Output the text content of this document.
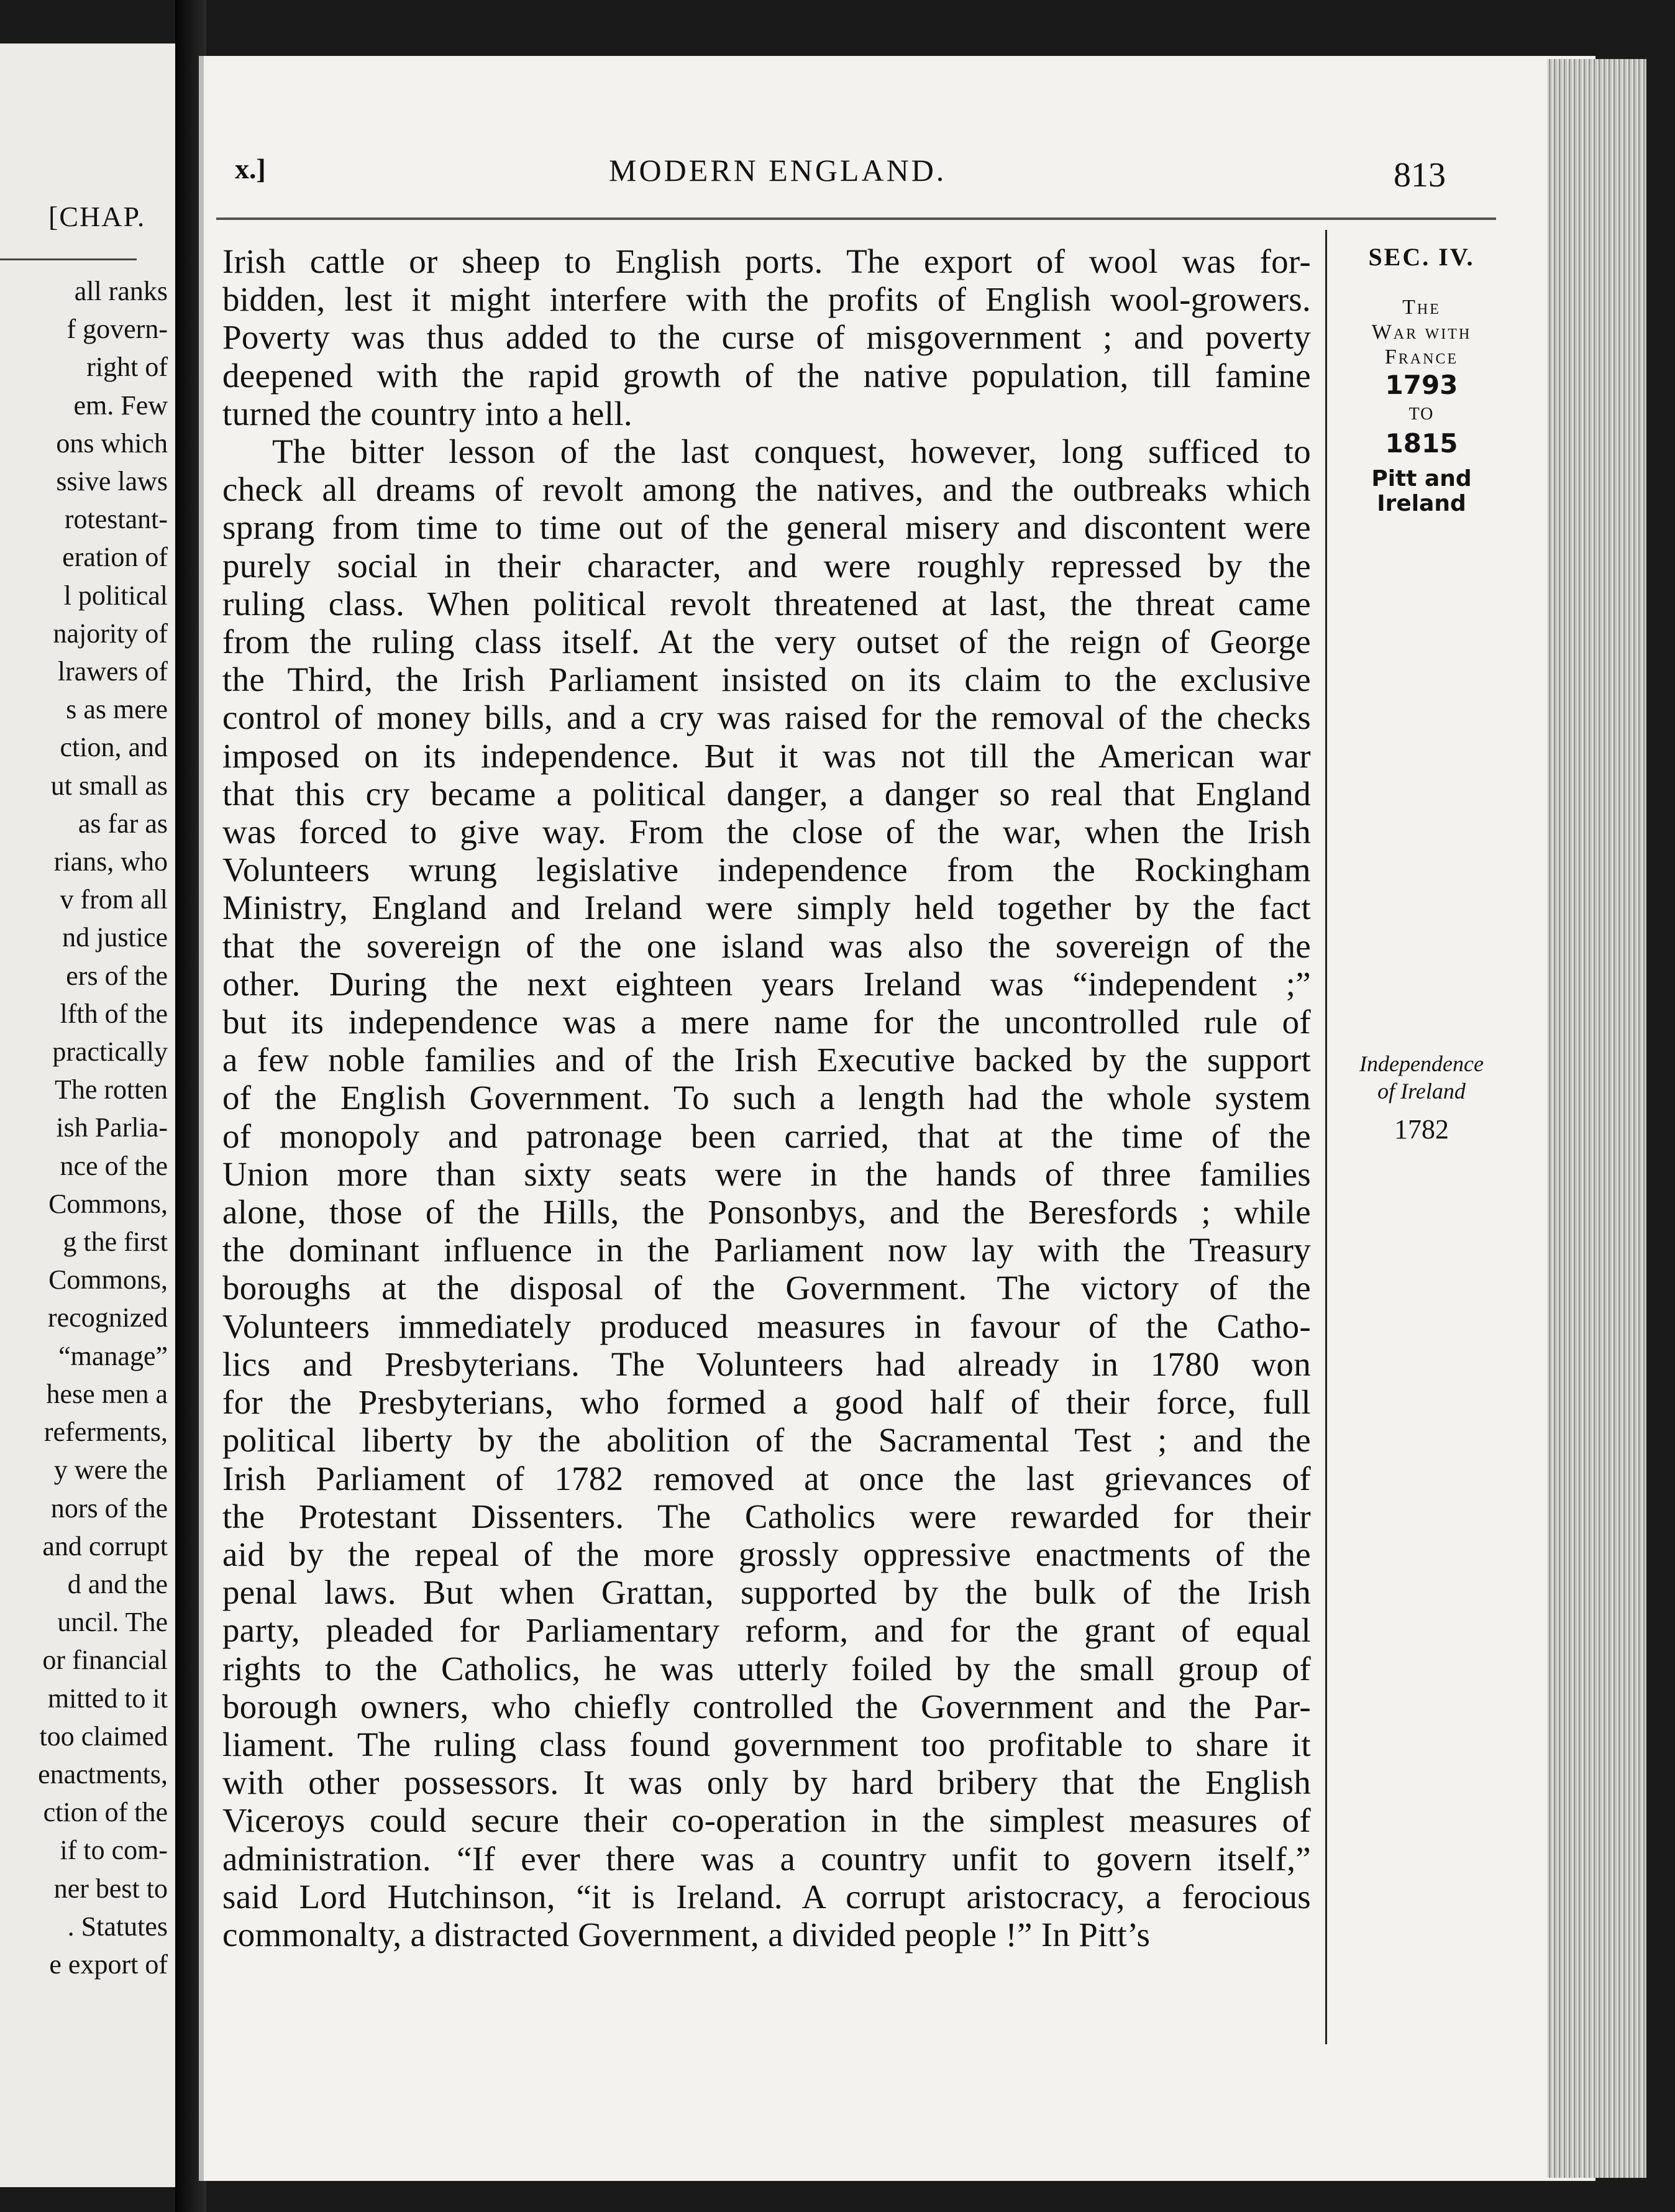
[CHAP.
all ranks
f govern-
right of
em. Few
ons which
ssive laws
rotestant-
eration of
l political
najority of
lrawers of
s as mere
ction, and
ut small as
as far as
rians, who
v from all
nd justice
ers of the
lfth of the
practically
The rotten
ish Parlia-
nce of the
Commons,
g the first
Commons,
recognized
“manage”
hese men a
referments,
y were the
nors of the
and corrupt
d and the
uncil. The
or financial
mitted to it
too claimed
enactments,
ction of the
if to com-
ner best to
. Statutes
e export of
x.]	MODERN ENGLAND.	813
Irish cattle or sheep to English ports. The export of wool was for-
bidden, lest it might interfere with the profits of English wool-growers.
Poverty was thus added to the curse of misgovernment ; and poverty
deepened with the rapid growth of the native population, till famine
turned the country into a hell.
The bitter lesson of the last conquest, however, long sufficed to
check all dreams of revolt among the natives, and the outbreaks which
sprang from time to time out of the general misery and discontent were
purely social in their character, and were roughly repressed by the
ruling class. When political revolt threatened at last, the threat came
from the ruling class itself. At the very outset of the reign of George
the Third, the Irish Parliament insisted on its claim to the exclusive
control of money bills, and a cry was raised for the removal of the checks
imposed on its independence. But it was not till the American war
that this cry became a political danger, a danger so real that England
was forced to give way. From the close of the war, when the Irish
Volunteers wrung legislative independence from the Rockingham
Ministry, England and Ireland were simply held together by the fact
that the sovereign of the one island was also the sovereign of the
other. During the next eighteen years Ireland was “independent ;”
but its independence was a mere name for the uncontrolled rule of
a few noble families and of the Irish Executive backed by the support
of the English Government. To such a length had the whole system
of monopoly and patronage been carried, that at the time of the
Union more than sixty seats were in the hands of three families
alone, those of the Hills, the Ponsonbys, and the Beresfords ; while
the dominant influence in the Parliament now lay with the Treasury
boroughs at the disposal of the Government. The victory of the
Volunteers immediately produced measures in favour of the Catho-
lics and Presbyterians. The Volunteers had already in 1780 won
for the Presbyterians, who formed a good half of their force, full
political liberty by the abolition of the Sacramental Test ; and the
Irish Parliament of 1782 removed at once the last grievances of
the Protestant Dissenters. The Catholics were rewarded for their
aid by the repeal of the more grossly oppressive enactments of the
penal laws. But when Grattan, supported by the bulk of the Irish
party, pleaded for Parliamentary reform, and for the grant of equal
rights to the Catholics, he was utterly foiled by the small group of
borough owners, who chiefly controlled the Government and the Par-
liament. The ruling class found government too profitable to share it
with other possessors. It was only by hard bribery that the English
Viceroys could secure their co-operation in the simplest measures of
administration. “If ever there was a country unfit to govern itself,”
said Lord Hutchinson, “it is Ireland. A corrupt aristocracy, a ferocious
commonalty, a distracted Government, a divided people !” In Pitt’s
SEC. IV.
The
War with
France
1793
TO
1815
Pitt and
Ireland
Independence
of Ireland
1782
